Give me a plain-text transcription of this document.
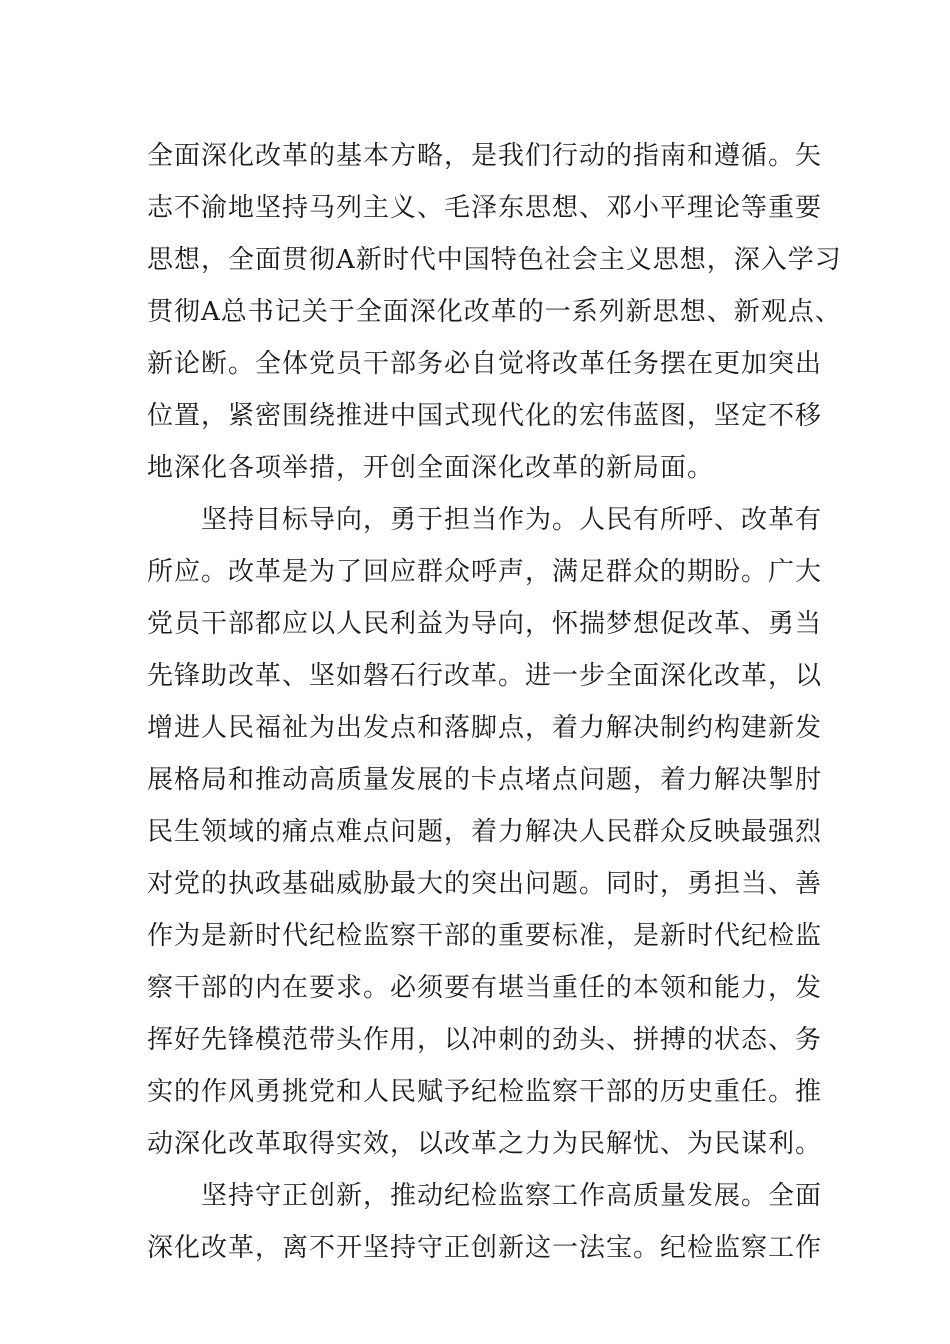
全面深化改革的基本方略，是我们行动的指南和遵循。矢
志不渝地坚持马列主义、毛泽东思想、邓小平理论等重要
思想，全面贯彻A新时代中国特色社会主义思想，深入学习
贯彻A总书记关于全面深化改革的一系列新思想、新观点、
新论断。全体党员干部务必自觉将改革任务摆在更加突出
位置，紧密围绕推进中国式现代化的宏伟蓝图，坚定不移
地深化各项举措，开创全面深化改革的新局面。
　　坚持目标导向，勇于担当作为。人民有所呼、改革有
所应。改革是为了回应群众呼声，满足群众的期盼。广大
党员干部都应以人民利益为导向，怀揣梦想促改革、勇当
先锋助改革、坚如磐石行改革。进一步全面深化改革，以
增进人民福祉为出发点和落脚点，着力解决制约构建新发
展格局和推动高质量发展的卡点堵点问题，着力解决掣肘
民生领域的痛点难点问题，着力解决人民群众反映最强烈
对党的执政基础威胁最大的突出问题。同时，勇担当、善
作为是新时代纪检监察干部的重要标准，是新时代纪检监
察干部的内在要求。必须要有堪当重任的本领和能力，发
挥好先锋模范带头作用，以冲刺的劲头、拼搏的状态、务
实的作风勇挑党和人民赋予纪检监察干部的历史重任。推
动深化改革取得实效，以改革之力为民解忧、为民谋利。
　　坚持守正创新，推动纪检监察工作高质量发展。全面
深化改革，离不开坚持守正创新这一法宝。纪检监察工作
